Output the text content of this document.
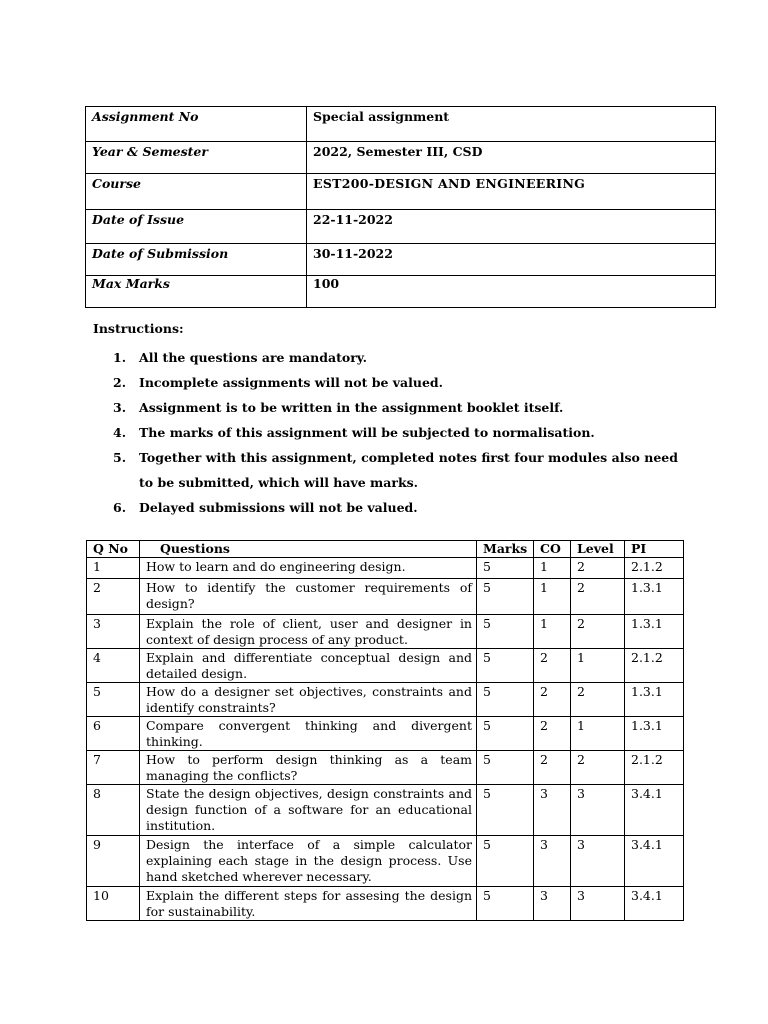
Assignment No	Special assignment
Year & Semester	2022, Semester III, CSD
Course	EST200-DESIGN AND ENGINEERING
Date of Issue	22-11-2022
Date of Submission	30-11-2022
Max Marks	100
Instructions:
1. All the questions are mandatory.
2. Incomplete assignments will not be valued.
3. Assignment is to be written in the assignment booklet itself.
4. The marks of this assignment will be subjected to normalisation.
5. Together with this assignment, completed notes first four modules also need to be submitted, which will have marks.
6. Delayed submissions will not be valued.
Q No	Questions	Marks	CO	Level	PI
1	How to learn and do engineering design.	5	1	2	2.1.2
2	How to identify the customer requirements of design?	5	1	2	1.3.1
3	Explain the role of client, user and designer in context of design process of any product.	5	1	2	1.3.1
4	Explain and differentiate conceptual design and detailed design.	5	2	1	2.1.2
5	How do a designer set objectives, constraints and identify constraints?	5	2	2	1.3.1
6	Compare convergent thinking and divergent thinking.	5	2	1	1.3.1
7	How to perform design thinking as a team managing the conflicts?	5	2	2	2.1.2
8	State the design objectives, design constraints and design function of a software for an educational institution.	5	3	3	3.4.1
9	Design the interface of a simple calculator explaining each stage in the design process. Use hand sketched wherever necessary.	5	3	3	3.4.1
10	Explain the different steps for assesing the design for sustainability.	5	3	3	3.4.1
